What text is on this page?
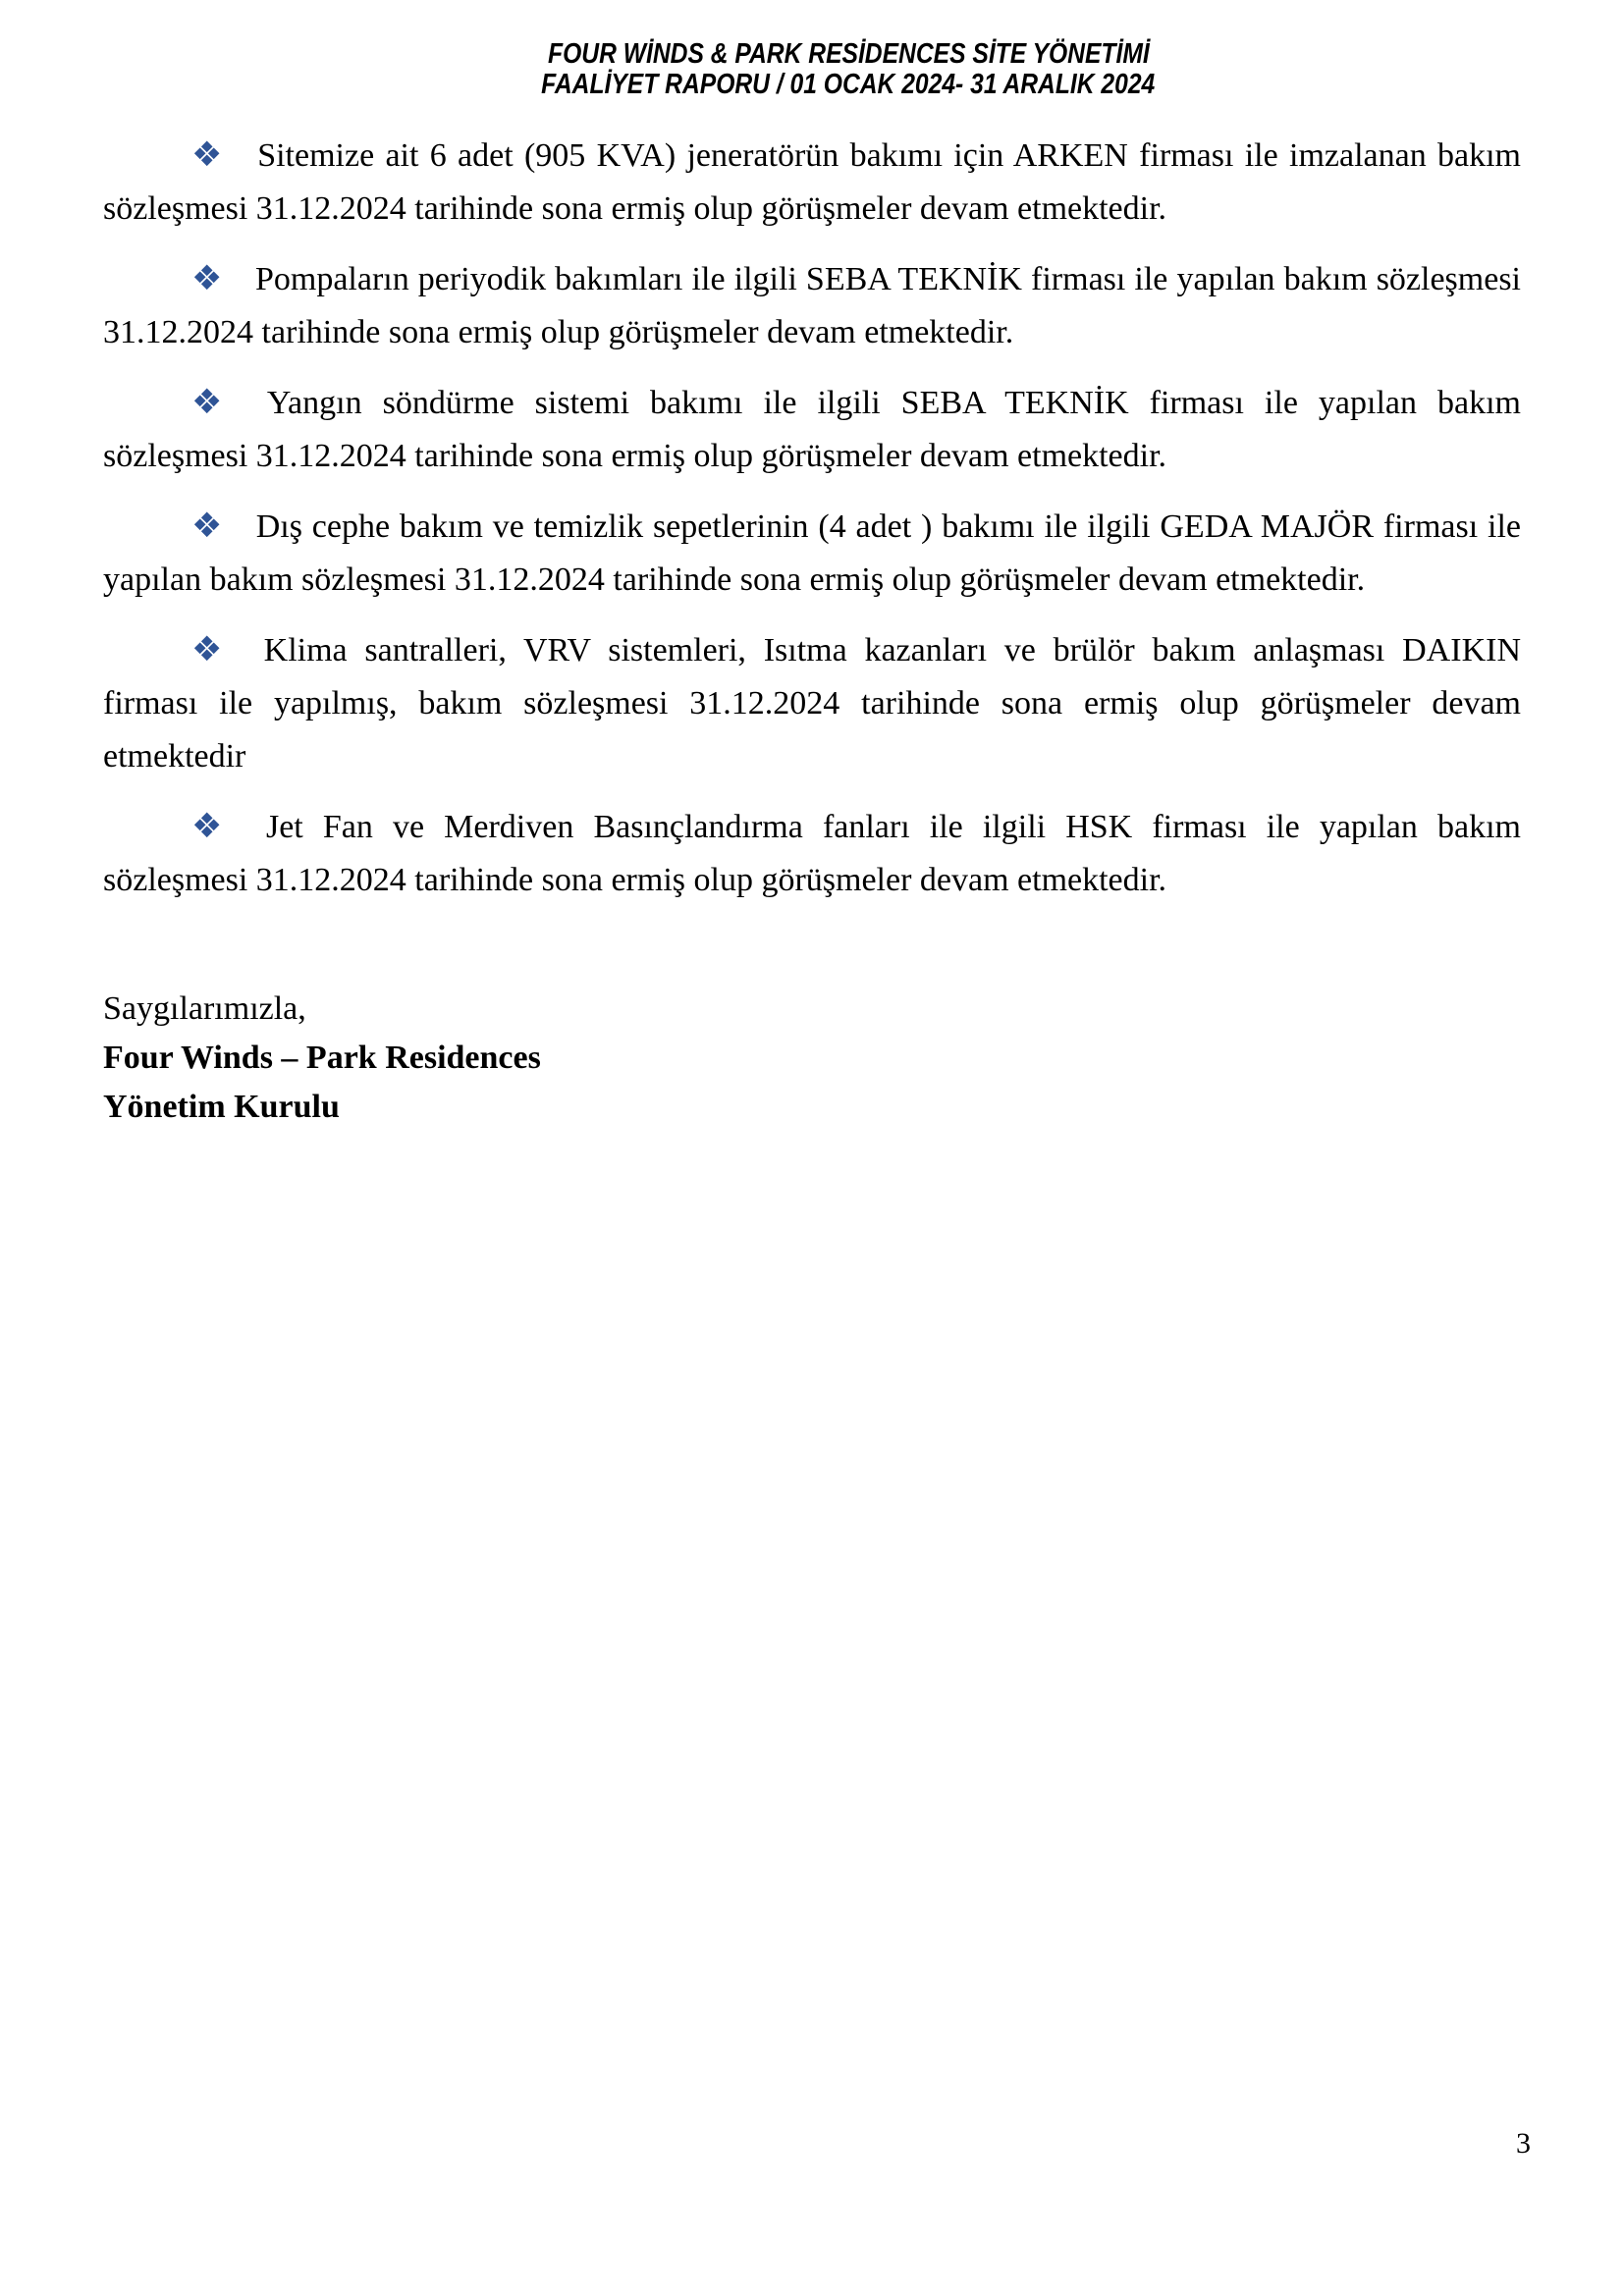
FOUR WİNDS & PARK RESİDENCES SİTE YÖNETİMİ
FAALİYET RAPORU / 01 OCAK 2024- 31 ARALIK 2024

❖ Sitemize ait 6 adet (905 KVA) jeneratörün bakımı için ARKEN firması ile imzalanan bakım sözleşmesi 31.12.2024 tarihinde sona ermiş olup görüşmeler devam etmektedir.

❖ Pompaların periyodik bakımları ile ilgili SEBA TEKNİK firması ile yapılan bakım sözleşmesi 31.12.2024 tarihinde sona ermiş olup görüşmeler devam etmektedir.

❖ Yangın söndürme sistemi bakımı ile ilgili SEBA TEKNİK firması ile yapılan bakım sözleşmesi 31.12.2024 tarihinde sona ermiş olup görüşmeler devam etmektedir.

❖ Dış cephe bakım ve temizlik sepetlerinin (4 adet ) bakımı ile ilgili GEDA MAJÖR firması ile yapılan bakım sözleşmesi 31.12.2024 tarihinde sona ermiş olup görüşmeler devam etmektedir.

❖ Klima santralleri, VRV sistemleri, Isıtma kazanları ve brülör bakım anlaşması DAIKIN firması ile yapılmış, bakım sözleşmesi 31.12.2024 tarihinde sona ermiş olup görüşmeler devam etmektedir

❖ Jet Fan ve Merdiven Basınçlandırma fanları ile ilgili HSK firması ile yapılan bakım sözleşmesi 31.12.2024 tarihinde sona ermiş olup görüşmeler devam etmektedir.

Saygılarımızla,
Four Winds – Park Residences
Yönetim Kurulu
3
